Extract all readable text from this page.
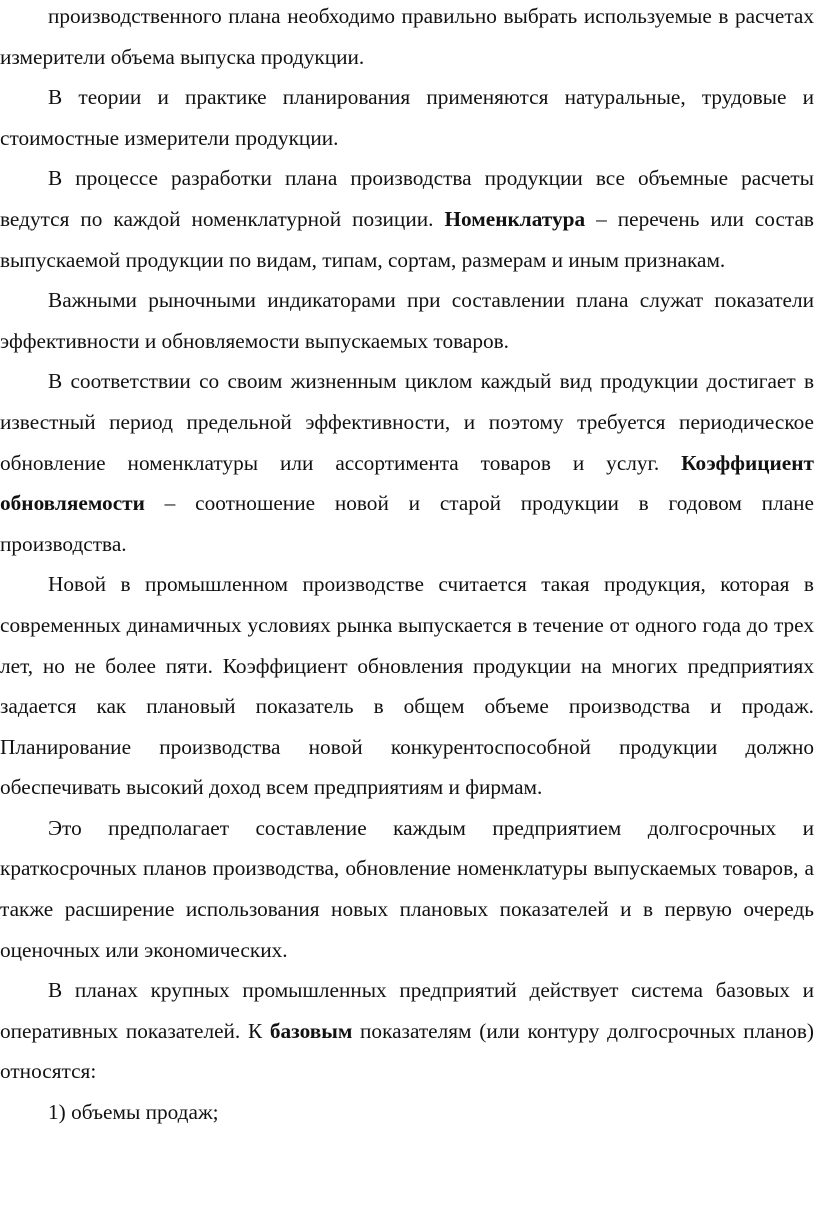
производственного плана необходимо правильно выбрать используемые в расчетах измерители объема выпуска продукции.

В теории и практике планирования применяются натуральные, трудовые и стоимостные измерители продукции.

В процессе разработки плана производства продукции все объемные расчеты ведутся по каждой номенклатурной позиции. Номенклатура – перечень или состав выпускаемой продукции по видам, типам, сортам, размерам и иным признакам.

Важными рыночными индикаторами при составлении плана служат показатели эффективности и обновляемости выпускаемых товаров.

В соответствии со своим жизненным циклом каждый вид продукции достигает в известный период предельной эффективности, и поэтому требуется периодическое обновление номенклатуры или ассортимента товаров и услуг. Коэффициент обновляемости – соотношение новой и старой продукции в годовом плане производства.

Новой в промышленном производстве считается такая продукция, которая в современных динамичных условиях рынка выпускается в течение от одного года до трех лет, но не более пяти. Коэффициент обновления продукции на многих предприятиях задается как плановый показатель в общем объеме производства и продаж. Планирование производства новой конкурентоспособной продукции должно обеспечивать высокий доход всем предприятиям и фирмам.

Это предполагает составление каждым предприятием долгосрочных и краткосрочных планов производства, обновление номенклатуры выпускаемых товаров, а также расширение использования новых плановых показателей и в первую очередь оценочных или экономических.

В планах крупных промышленных предприятий действует система базовых и оперативных показателей. К базовым показателям (или контуру долгосрочных планов) относятся:

1) объемы продаж;
